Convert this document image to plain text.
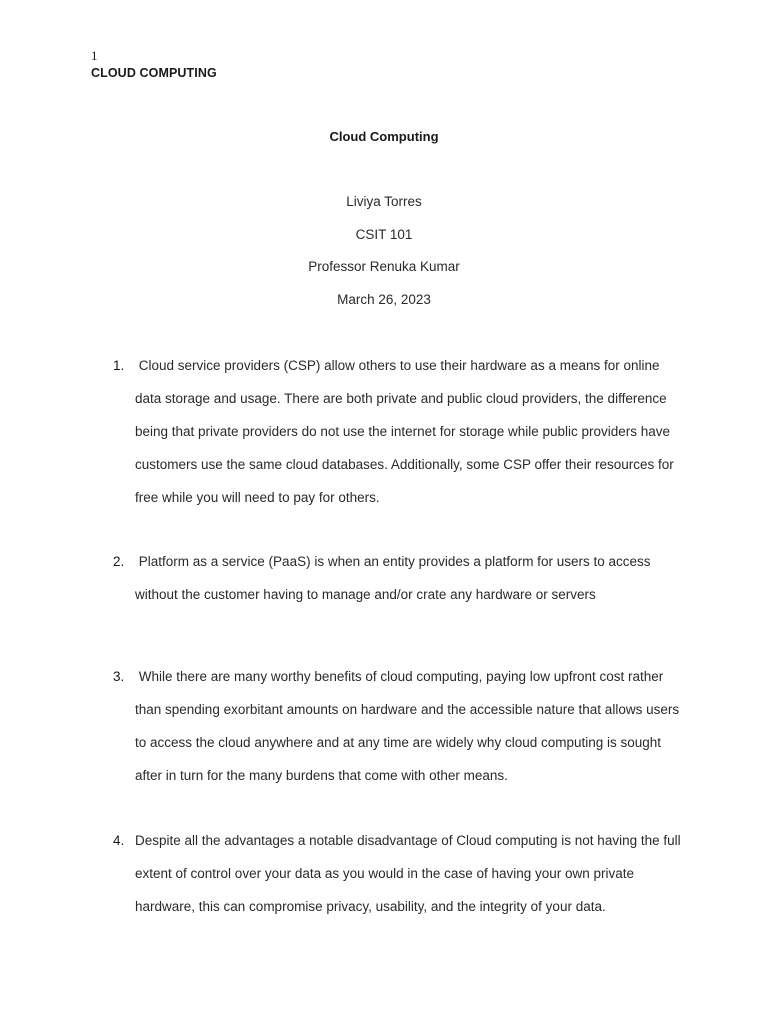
1
CLOUD COMPUTING
Cloud Computing
Liviya Torres
CSIT 101
Professor Renuka Kumar
March 26, 2023
1. Cloud service providers (CSP) allow others to use their hardware as a means for online data storage and usage. There are both private and public cloud providers, the difference being that private providers do not use the internet for storage while public providers have customers use the same cloud databases. Additionally, some CSP offer their resources for free while you will need to pay for others.

2. Platform as a service (PaaS) is when an entity provides a platform for users to access without the customer having to manage and/or crate any hardware or servers

3. While there are many worthy benefits of cloud computing, paying low upfront cost rather than spending exorbitant amounts on hardware and the accessible nature that allows users to access the cloud anywhere and at any time are widely why cloud computing is sought after in turn for the many burdens that come with other means.

4. Despite all the advantages a notable disadvantage of Cloud computing is not having the full extent of control over your data as you would in the case of having your own private hardware, this can compromise privacy, usability, and the integrity of your data.
